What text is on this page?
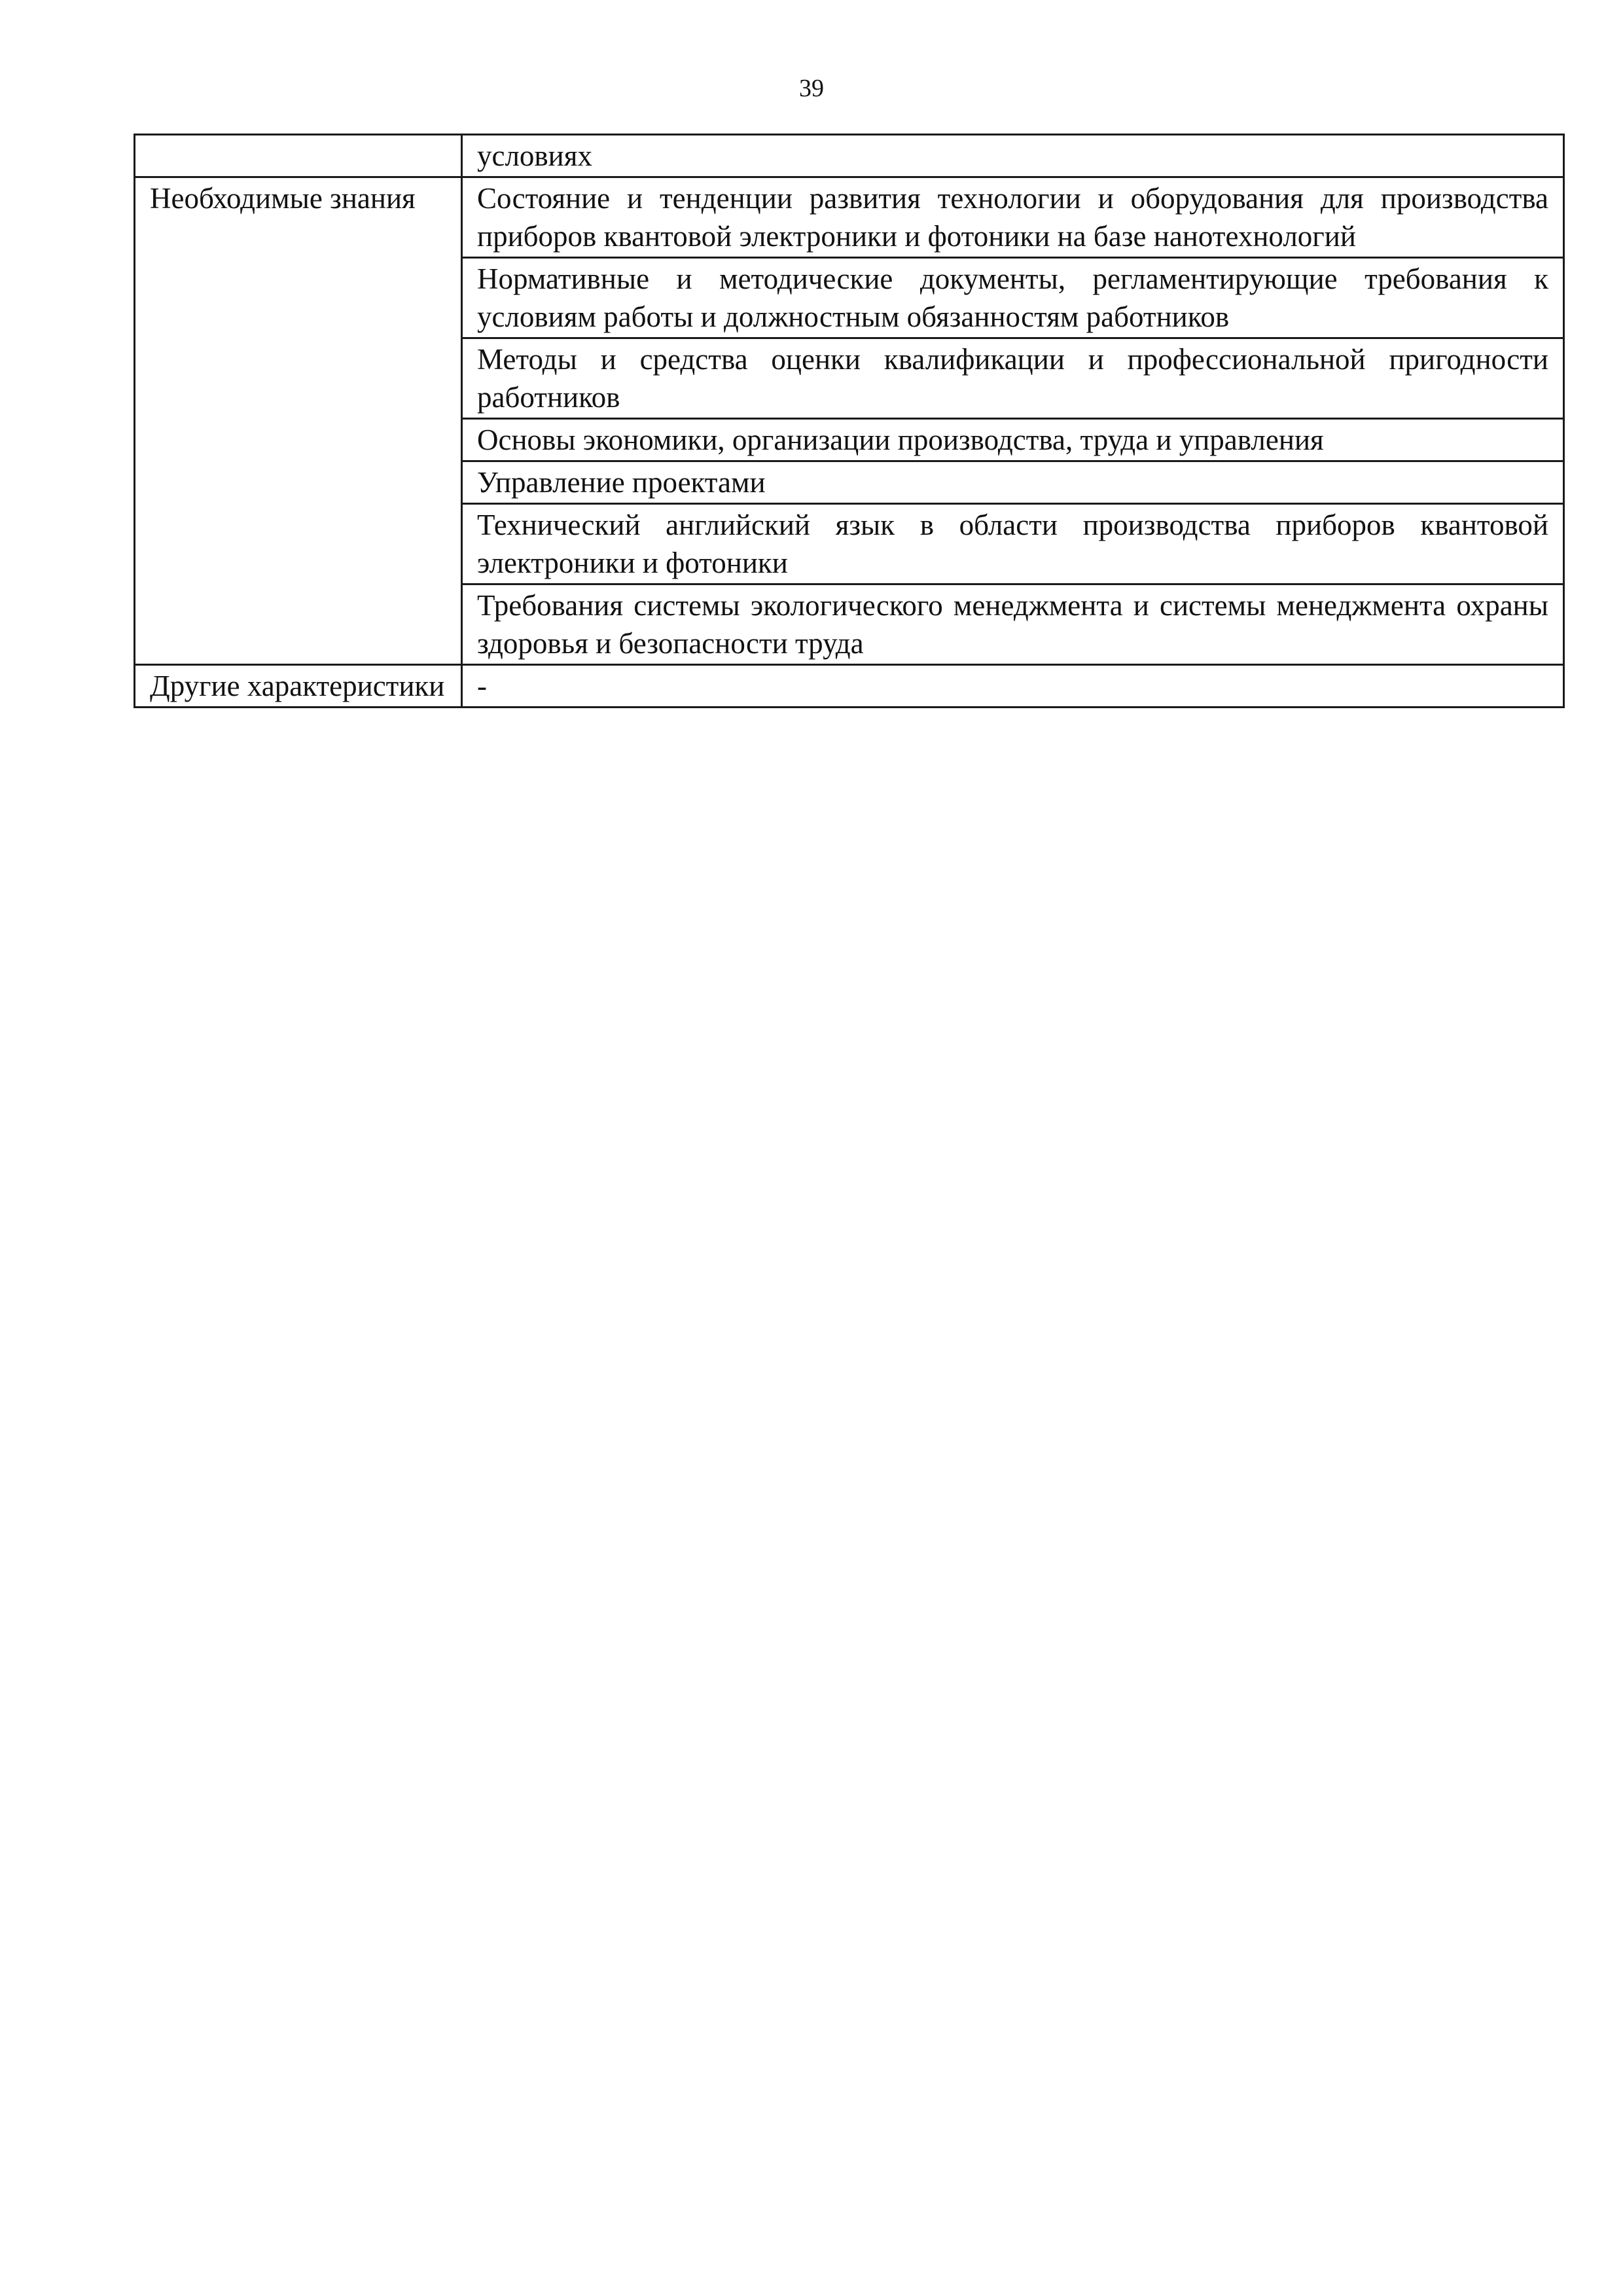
39

	условиях

Необходимые знания	Состояние и тенденции развития технологии и оборудования для производства приборов квантовой электроники и фотоники на базе нанотехнологий

	Нормативные и методические документы, регламентирующие требования к условиям работы и должностным обязанностям работников

	Методы и средства оценки квалификации и профессиональной пригодности работников

	Основы экономики, организации производства, труда и управления

	Управление проектами

	Технический английский язык в области производства приборов квантовой электроники и фотоники

	Требования системы экологического менеджмента и системы менеджмента охраны здоровья и безопасности труда

Другие характеристики	-
